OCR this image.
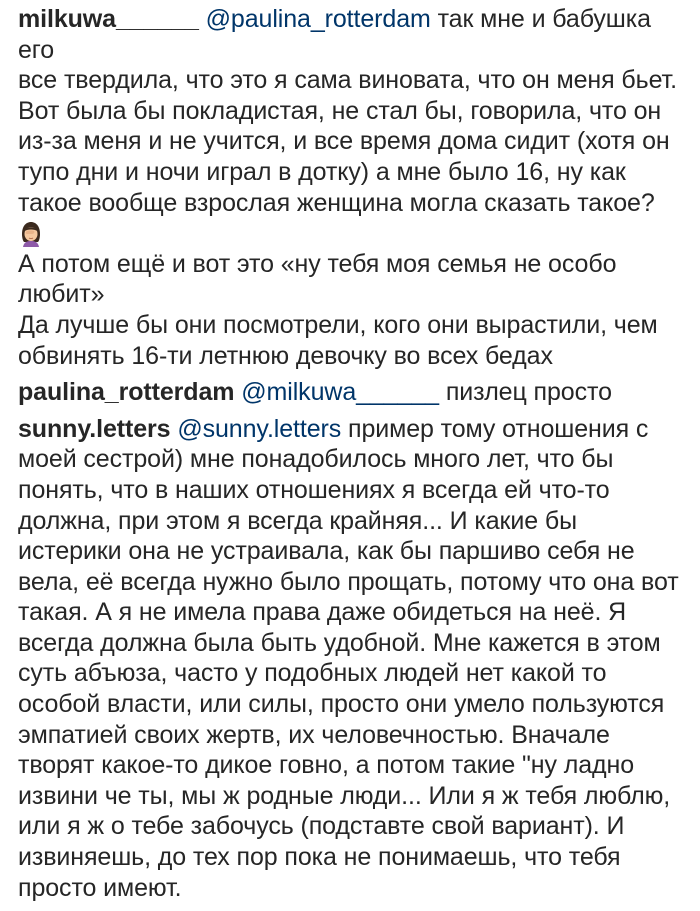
milkuwa______ @paulina_rotterdam так мне и бабушка его
все твердила, что это я сама виновата, что он меня бьет.
Вот была бы покладистая, не стал бы, говорила, что он
из-за меня и не учится, и все время дома сидит (хотя он
тупо дни и ночи играл в дотку) а мне было 16, ну как
такое вообще взрослая женщина могла сказать такое?
А потом ещё и вот это «ну тебя моя семья не особо
любит»
Да лучше бы они посмотрели, кого они вырастили, чем
обвинять 16-ти летнюю девочку во всех бедах

paulina_rotterdam @milkuwa______ пизлец просто

sunny.letters @sunny.letters пример тому отношения с
моей сестрой) мне понадобилось много лет, что бы
понять, что в наших отношениях я всегда ей что-то
должна, при этом я всегда крайняя... И какие бы
истерики она не устраивала, как бы паршиво себя не
вела, её всегда нужно было прощать, потому что она вот
такая. А я не имела права даже обидеться на неё. Я
всегда должна была быть удобной. Мне кажется в этом
суть абъюза, часто у подобных людей нет какой то
особой власти, или силы, просто они умело пользуются
эмпатией своих жертв, их человечностью. Вначале
творят какое-то дикое говно, а потом такие "ну ладно
извини че ты, мы ж родные люди... Или я ж тебя люблю,
или я ж о тебе забочусь (подставте свой вариант). И
извиняешь, до тех пор пока не понимаешь, что тебя
просто имеют.
